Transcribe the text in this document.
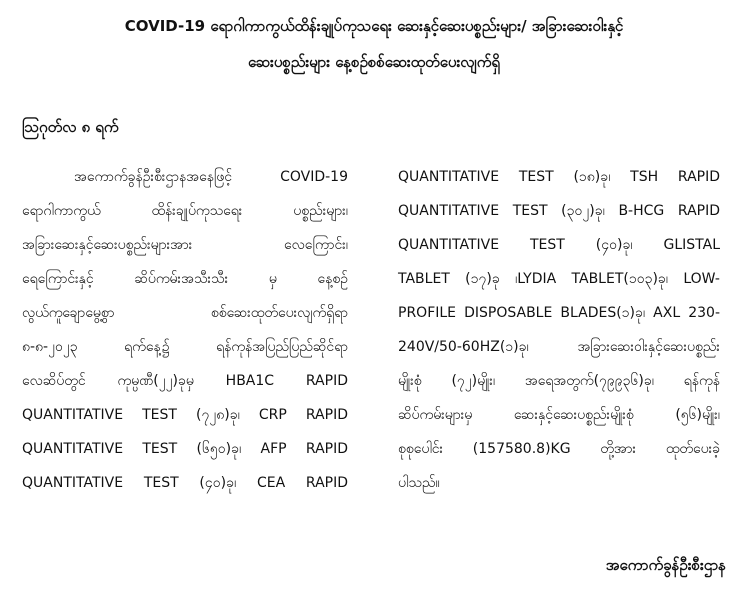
COVID-19 ရောဂါကာကွယ်ထိန်းချုပ်ကုသရေး ဆေးနှင့်ဆေးပစ္စည်းများ/ အခြားဆေးဝါးနှင့်
ဆေးပစ္စည်းများ နေ့စဉ်စစ်ဆေးထုတ်ပေးလျက်ရှိ
ဩဂုတ်လ ၈ ရက်
အကောက်ခွန်ဦးစီးဌာနအနေဖြင့် COVID-19
ရောဂါကာကွယ် ထိန်းချုပ်ကုသရေး ပစ္စည်းများ၊
အခြားဆေးနှင့်ဆေးပစ္စည်းများအား လေကြောင်း၊
ရေကြောင်းနှင့် ဆိပ်ကမ်းအသီးသီး မှ နေ့စဉ်
လွယ်ကူချောမွေ့စွာ စစ်ဆေးထုတ်ပေးလျက်ရှိရာ
၈-၈-၂၀၂၃ ရက်နေ့၌ ရန်ကုန်အပြည်ပြည်ဆိုင်ရာ
လေဆိပ်တွင် ကုမ္ပဏီ(၂၂)ခုမှ HBA1C RAPID
QUANTITATIVE TEST (၇၂၈)ခု၊ CRP RAPID
QUANTITATIVE TEST (၆၅၀)ခု၊ AFP RAPID
QUANTITATIVE TEST (၄၀)ခု၊ CEA RAPID
QUANTITATIVE TEST (၁၈)ခု၊ TSH RAPID
QUANTITATIVE TEST (၃၀၂)ခု၊ B-HCG RAPID
QUANTITATIVE TEST (၄၀)ခု၊ GLISTAL
TABLET (၁၇)ခု ၊LYDIA TABLET(၁၀၃)ခု၊ LOW-
PROFILE DISPOSABLE BLADES(၁)ခု၊ AXL 230-
240V/50-60HZ(၁)ခု၊ အခြားဆေးဝါးနှင့်ဆေးပစ္စည်း
မျိုးစုံ (၇၂)မျိုး၊ အရေအတွက်(၇၉၉၃၆)ခု၊ ရန်ကုန်
ဆိပ်ကမ်းများမှ ဆေးနှင့်ဆေးပစ္စည်းမျိုးစုံ (၅၆)မျိုး၊
စုစုပေါင်း (157580.8)KG တို့အား ထုတ်ပေးခဲ့
ပါသည်။
အကောက်ခွန်ဦးစီးဌာန
